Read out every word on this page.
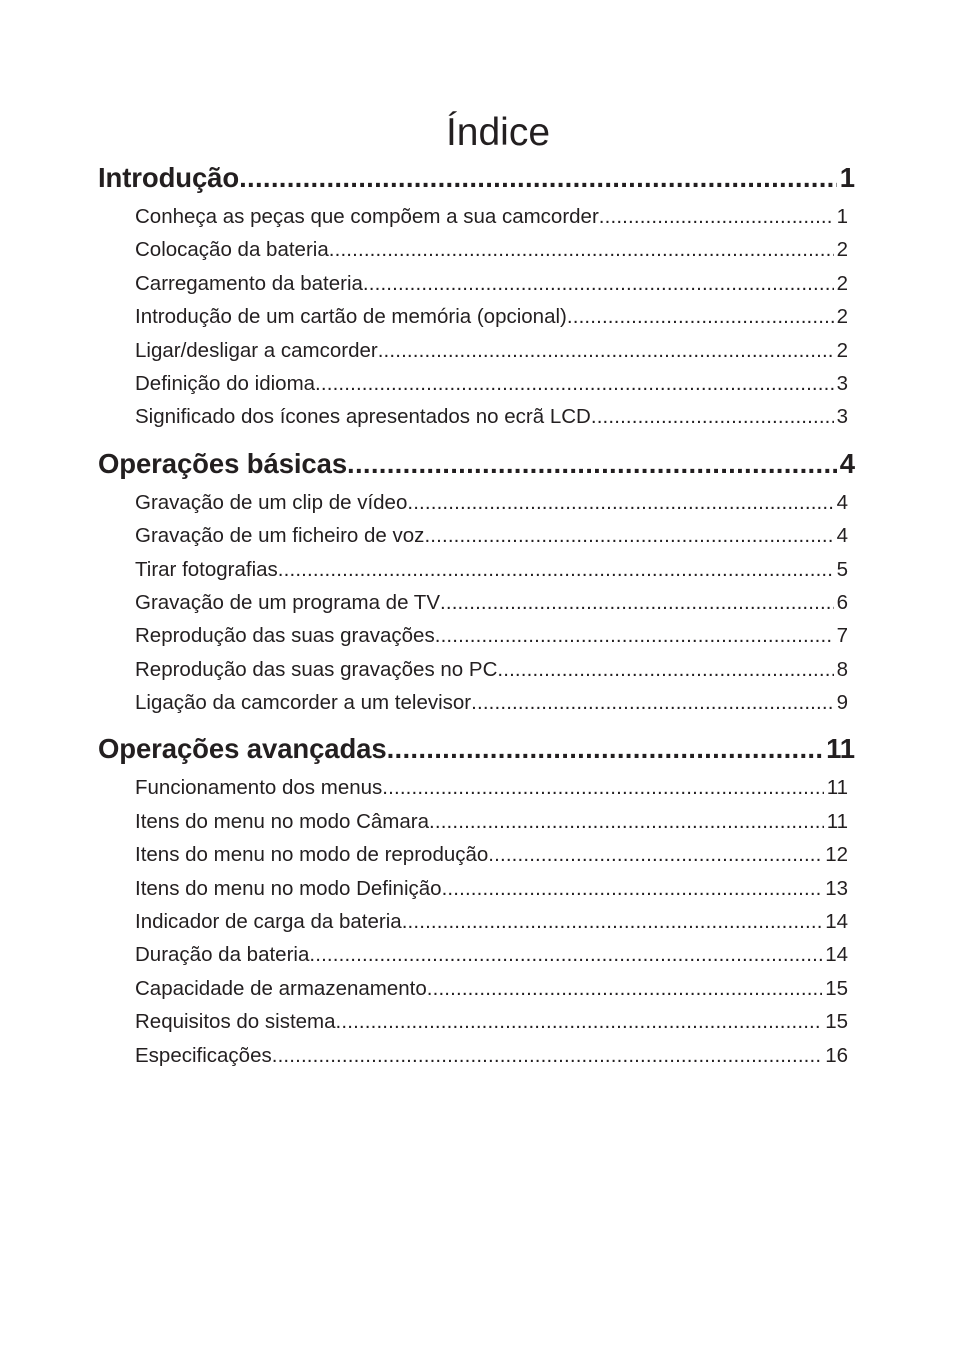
Índice
Introdução .....	1
Conheça as peças que compõem a sua camcorder .....	1
Colocação da bateria .....	2
Carregamento da bateria .....	2
Introdução de um cartão de memória (opcional) .....	2
Ligar/desligar a camcorder .....	2
Definição do idioma .....	3
Significado dos ícones apresentados no ecrã LCD .....	3
Operações básicas .....	4
Gravação de um clip de vídeo .....	4
Gravação de um ficheiro de voz .....	4
Tirar fotografias .....	5
Gravação de um programa de TV .....	6
Reprodução das suas gravações .....	7
Reprodução das suas gravações no PC .....	8
Ligação da camcorder a um televisor .....	9
Operações avançadas .....	11
Funcionamento dos menus .....	11
Itens do menu no modo Câmara .....	11
Itens do menu no modo de reprodução .....	12
Itens do menu no modo Definição .....	13
Indicador de carga da bateria .....	14
Duração da bateria .....	14
Capacidade de armazenamento .....	15
Requisitos do sistema .....	15
Especificações .....	16
